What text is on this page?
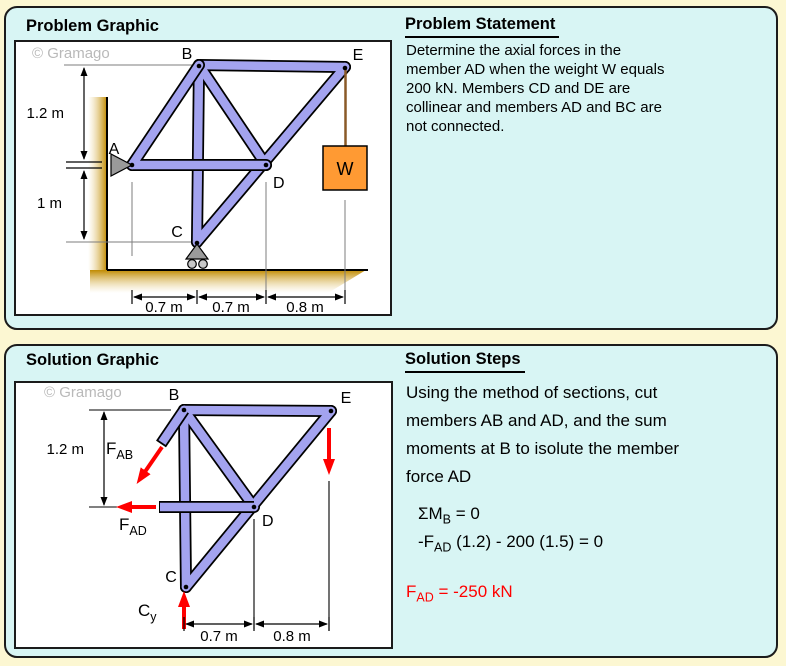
Problem Graphic
© Gramago
A
B
C
D
E
W
1.2 m
1 m
0.7 m 0.7 m 0.8 m
Problem Statement

Determine the axial forces in the
member AD when the weight W equals
200 kN. Members CD and DE are
collinear and members AD and BC are
not connected.

Solution Graphic
© Gramago	B	E
D
C
1.2 m
0.7 m 0.8 m
$F_{AB}$
$F_{AD}$
$C_y$
Solution Steps

Using the method of sections, cut
members AB and AD, and the sum
moments at B to isolute the member
force AD

$\Sigma M_B = 0$
$-F_{AD}$ (1.2) - 200 (1.5) = 0
$F_{AD} = -250$ kN
